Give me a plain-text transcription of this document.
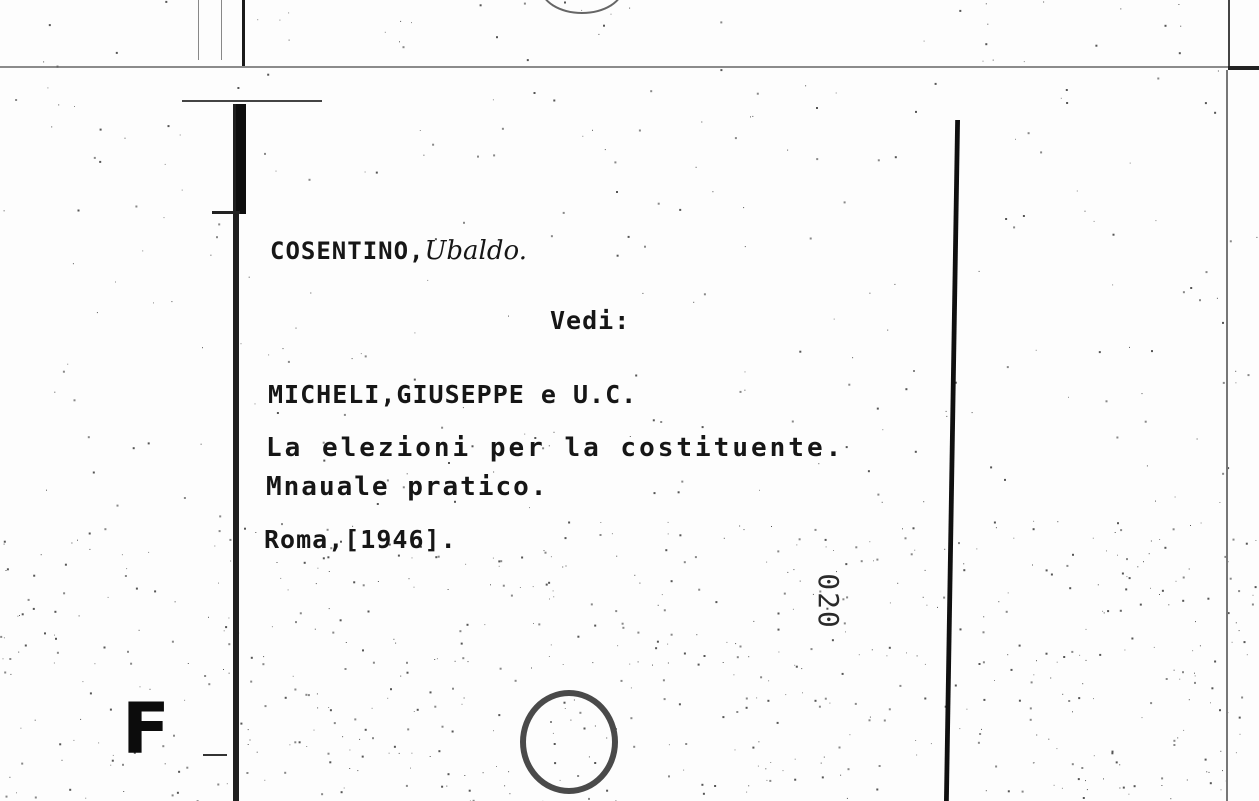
COSENTINO,Ubaldo.
Vedi:
MICHELI,GIUSEPPE e U.C.
La elezioni per la costituente.
Mnauale pratico.
Roma,[1946].
020
F
